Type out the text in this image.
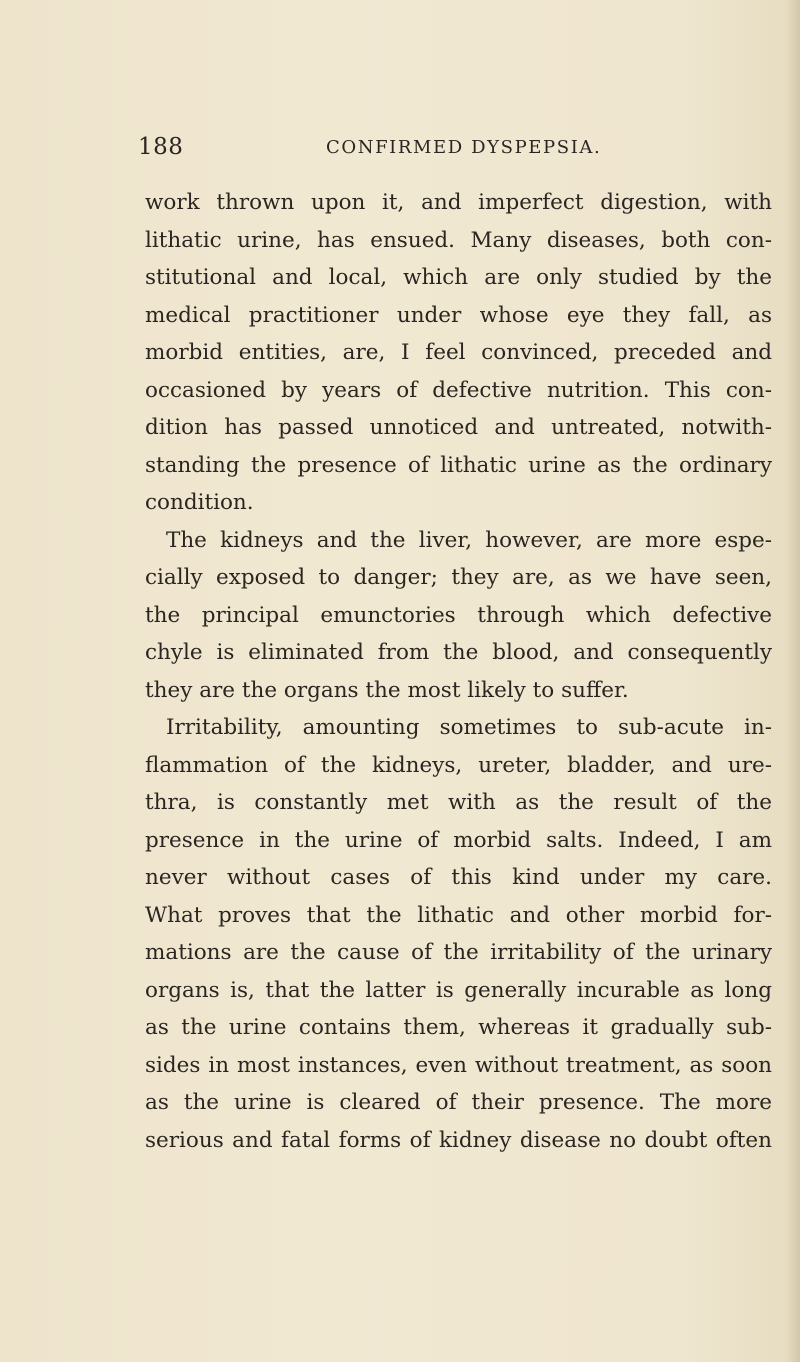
188	CONFIRMED DYSPEPSIA.
work thrown upon it, and imperfect digestion, with
lithatic urine, has ensued. Many diseases, both con-
stitutional and local, which are only studied by the
medical practitioner under whose eye they fall, as
morbid entities, are, I feel convinced, preceded and
occasioned by years of defective nutrition. This con-
dition has passed unnoticed and untreated, notwith-
standing the presence of lithatic urine as the ordinary
condition.
The kidneys and the liver, however, are more espe-
cially exposed to danger; they are, as we have seen,
the principal emunctories through which defective
chyle is eliminated from the blood, and consequently
they are the organs the most likely to suffer.
Irritability, amounting sometimes to sub-acute in-
flammation of the kidneys, ureter, bladder, and ure-
thra, is constantly met with as the result of the
presence in the urine of morbid salts. Indeed, I am
never without cases of this kind under my care.
What proves that the lithatic and other morbid for-
mations are the cause of the irritability of the urinary
organs is, that the latter is generally incurable as long
as the urine contains them, whereas it gradually sub-
sides in most instances, even without treatment, as soon
as the urine is cleared of their presence. The more
serious and fatal forms of kidney disease no doubt often
